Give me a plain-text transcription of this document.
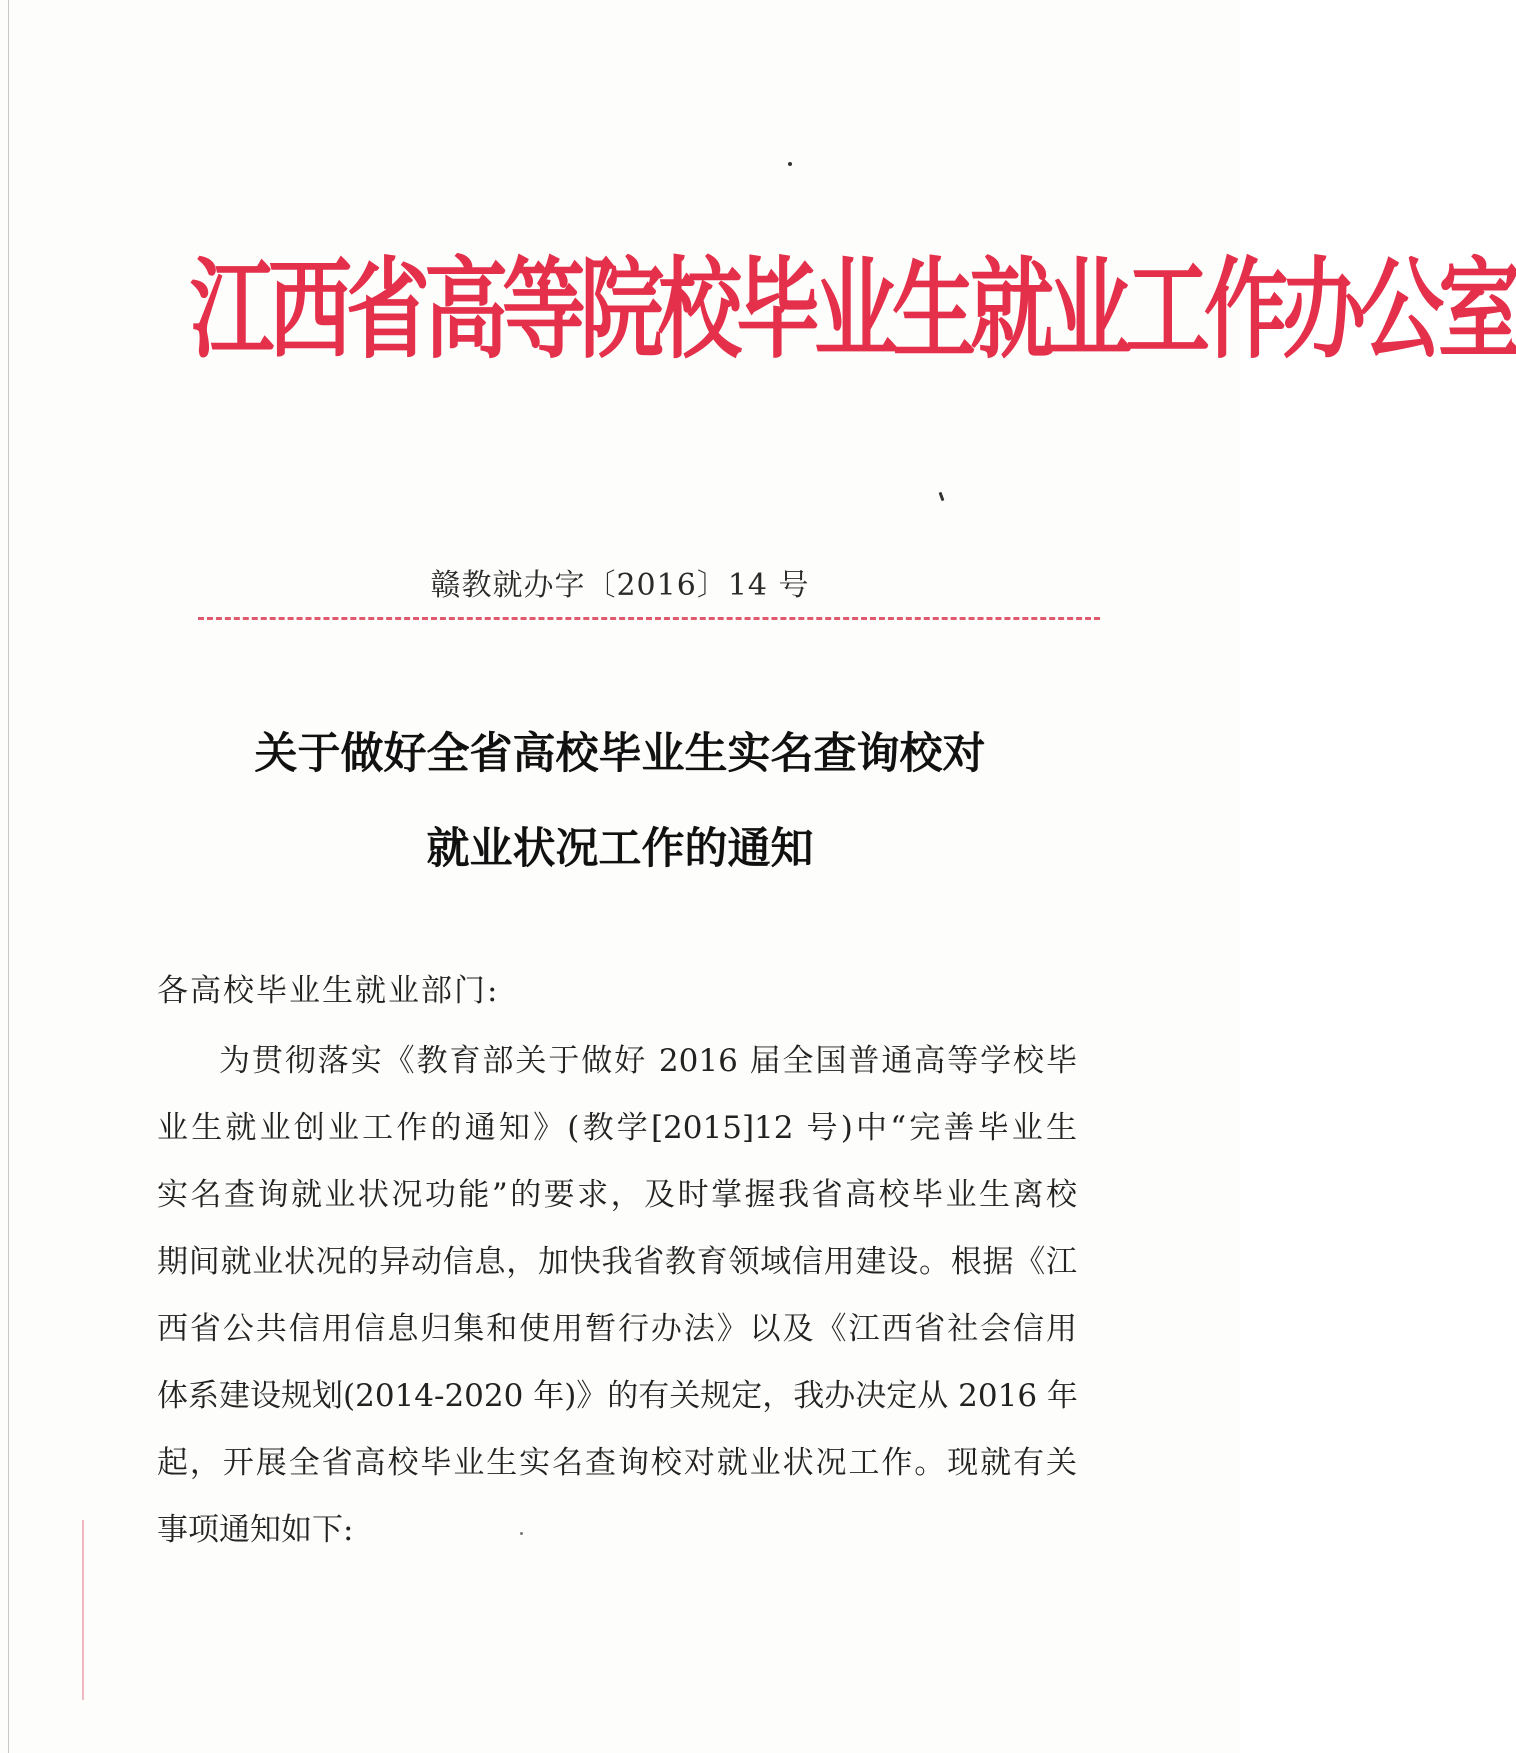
江西省高等院校毕业生就业工作办公室
赣教就办字〔2016〕14 号
关于做好全省高校毕业生实名查询校对
就业状况工作的通知
各高校毕业生就业部门:
为贯彻落实《教育部关于做好 2016 届全国普通高等学校毕
业生就业创业工作的通知》(教学[2015]12 号)中“完善毕业生
实名查询就业状况功能”的要求，及时掌握我省高校毕业生离校
期间就业状况的异动信息，加快我省教育领域信用建设。根据《江
西省公共信用信息归集和使用暂行办法》以及《江西省社会信用
体系建设规划(2014-2020 年)》的有关规定，我办决定从 2016 年
起，开展全省高校毕业生实名查询校对就业状况工作。现就有关
事项通知如下:
